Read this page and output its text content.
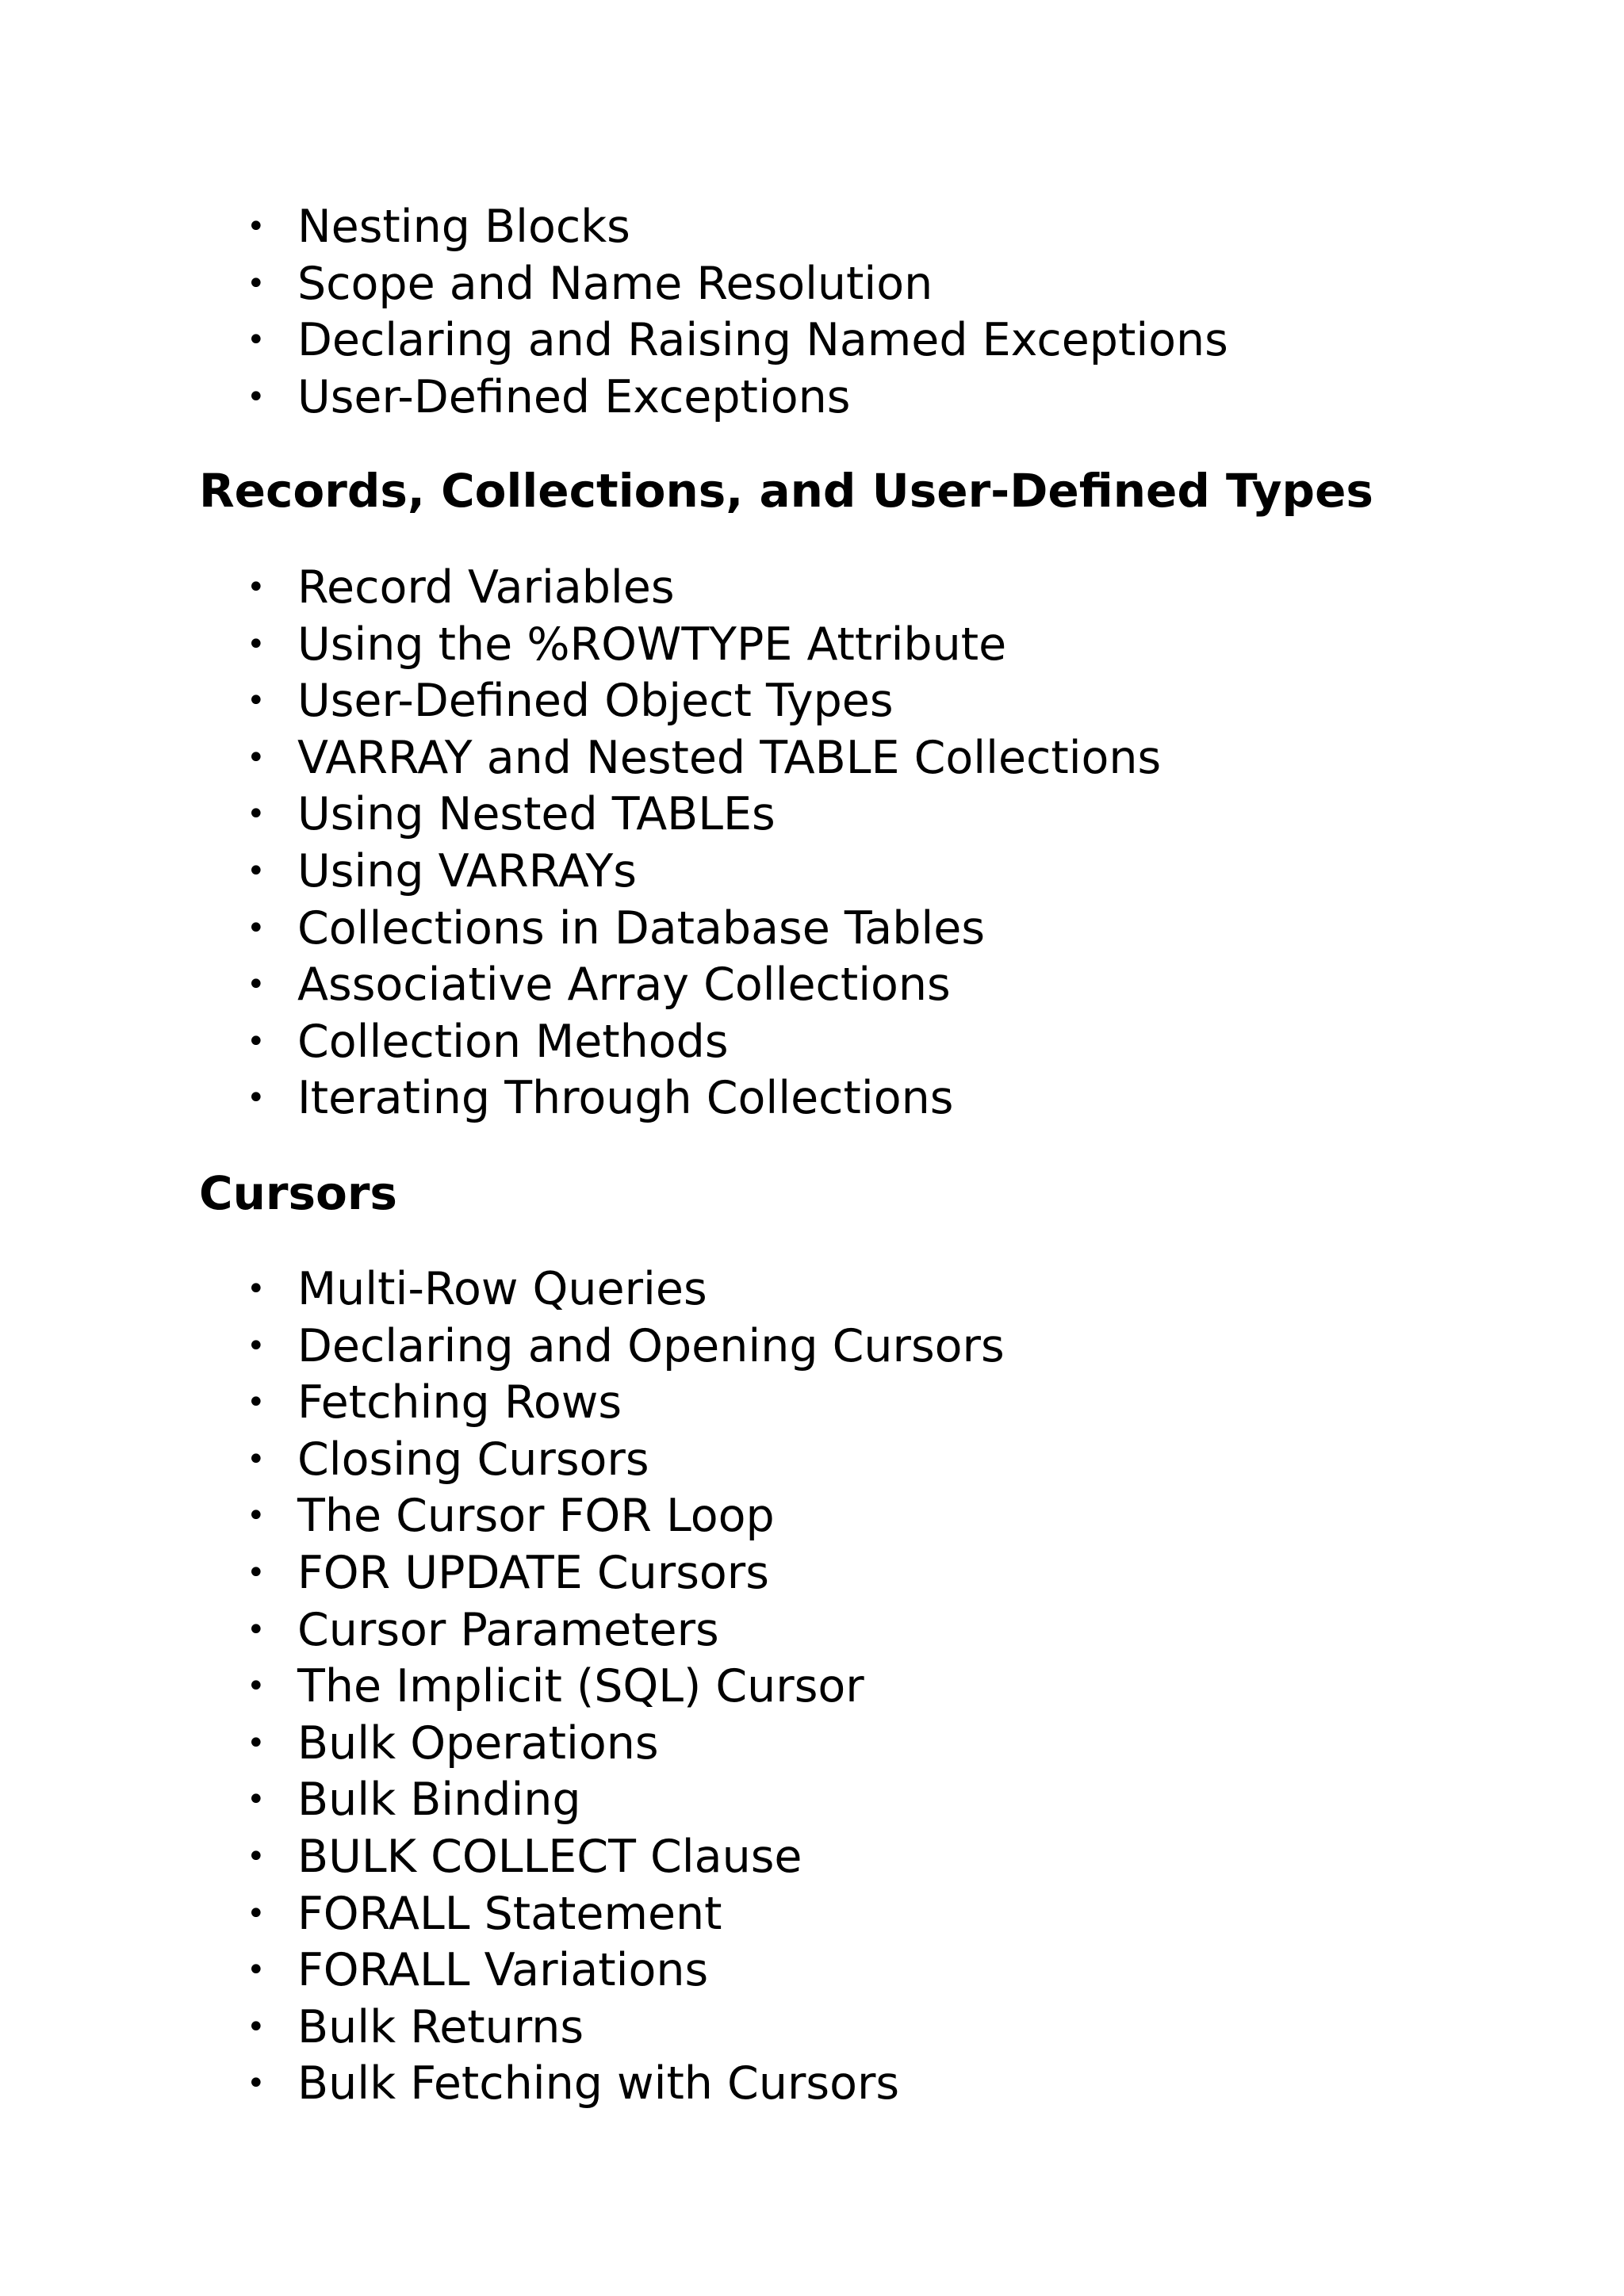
• Nesting Blocks
• Scope and Name Resolution
• Declaring and Raising Named Exceptions
• User-Defined Exceptions
Records, Collections, and User-Defined Types
• Record Variables
• Using the %ROWTYPE Attribute
• User-Defined Object Types
• VARRAY and Nested TABLE Collections
• Using Nested TABLEs
• Using VARRAYs
• Collections in Database Tables
• Associative Array Collections
• Collection Methods
• Iterating Through Collections
Cursors
• Multi-Row Queries
• Declaring and Opening Cursors
• Fetching Rows
• Closing Cursors
• The Cursor FOR Loop
• FOR UPDATE Cursors
• Cursor Parameters
• The Implicit (SQL) Cursor
• Bulk Operations
• Bulk Binding
• BULK COLLECT Clause
• FORALL Statement
• FORALL Variations
• Bulk Returns
• Bulk Fetching with Cursors
